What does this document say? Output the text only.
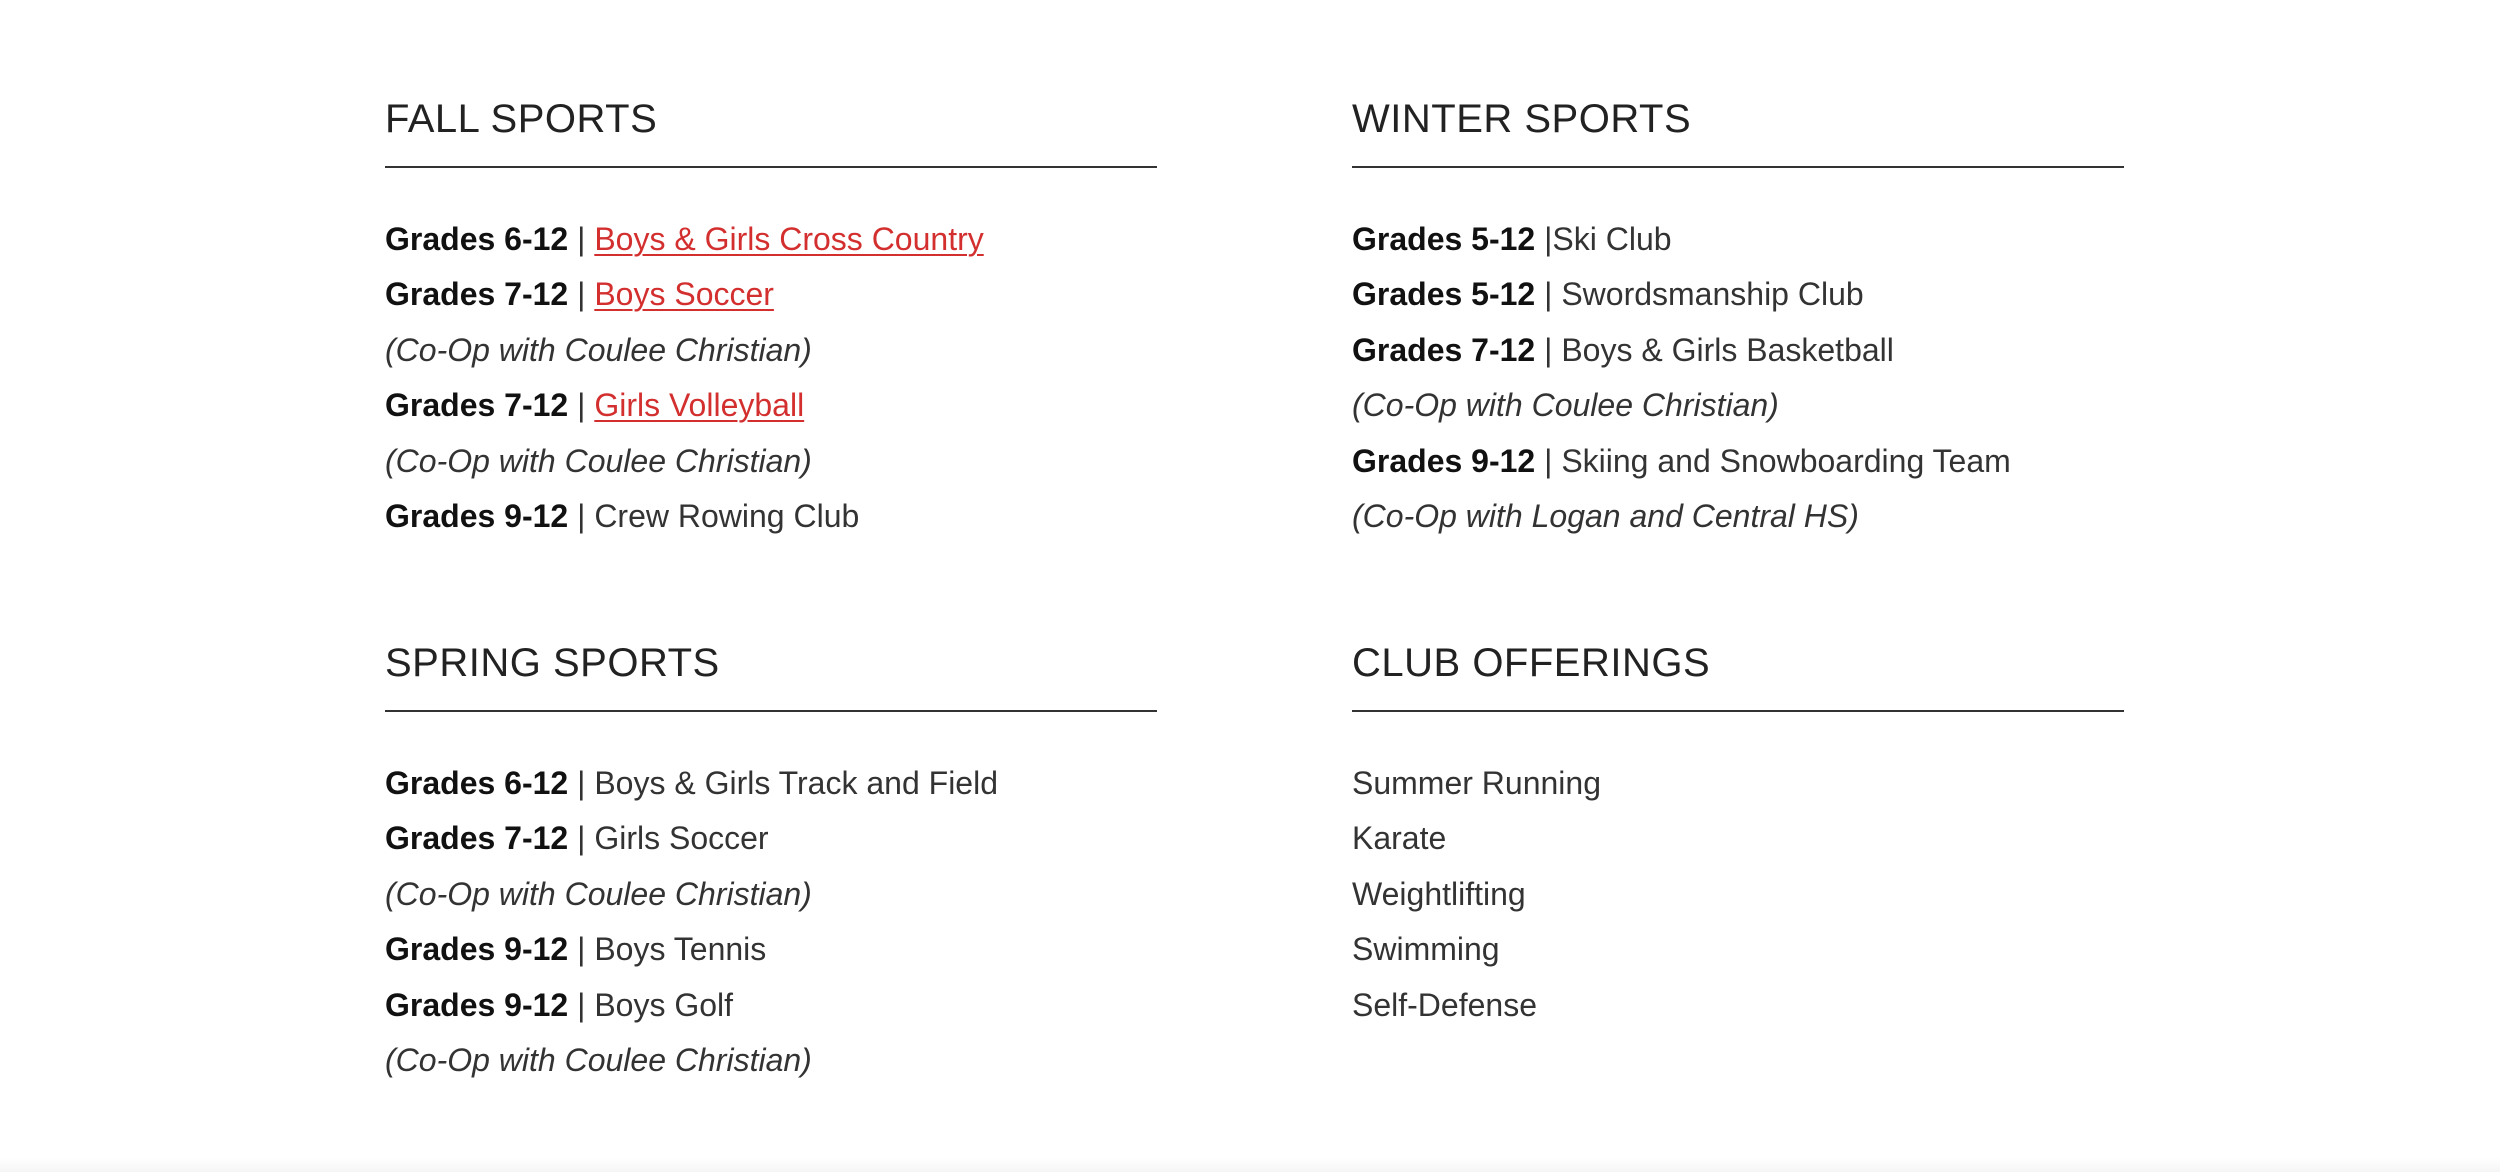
FALL SPORTS
Grades 6-12 | Boys & Girls Cross Country
Grades 7-12 | Boys Soccer
(Co-Op with Coulee Christian)
Grades 7-12 | Girls Volleyball
(Co-Op with Coulee Christian)
Grades 9-12 | Crew Rowing Club
WINTER SPORTS
Grades 5-12 |Ski Club
Grades 5-12 | Swordsmanship Club
Grades 7-12 | Boys & Girls Basketball
(Co-Op with Coulee Christian)
Grades 9-12 | Skiing and Snowboarding Team
(Co-Op with Logan and Central HS)
SPRING SPORTS
Grades 6-12 | Boys & Girls Track and Field
Grades 7-12 | Girls Soccer
(Co-Op with Coulee Christian)
Grades 9-12 | Boys Tennis
Grades 9-12 | Boys Golf
(Co-Op with Coulee Christian)
CLUB OFFERINGS
Summer Running
Karate
Weightlifting
Swimming
Self-Defense
